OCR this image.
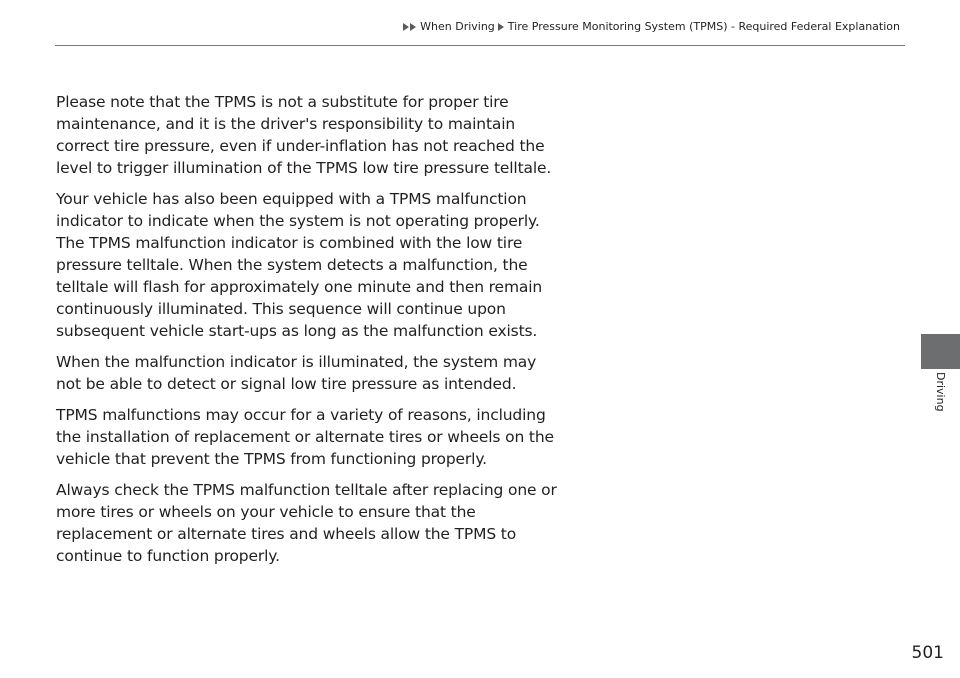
When Driving Tire Pressure Monitoring System (TPMS) - Required Federal Explanation

Please note that the TPMS is not a substitute for proper tire
maintenance, and it is the driver's responsibility to maintain
correct tire pressure, even if under-inflation has not reached the
level to trigger illumination of the TPMS low tire pressure telltale.

Your vehicle has also been equipped with a TPMS malfunction
indicator to indicate when the system is not operating properly.
The TPMS malfunction indicator is combined with the low tire
pressure telltale. When the system detects a malfunction, the
telltale will flash for approximately one minute and then remain
continuously illuminated. This sequence will continue upon
subsequent vehicle start-ups as long as the malfunction exists.

When the malfunction indicator is illuminated, the system may
not be able to detect or signal low tire pressure as intended.

TPMS malfunctions may occur for a variety of reasons, including
the installation of replacement or alternate tires or wheels on the
vehicle that prevent the TPMS from functioning properly.

Always check the TPMS malfunction telltale after replacing one or
more tires or wheels on your vehicle to ensure that the
replacement or alternate tires and wheels allow the TPMS to
continue to function properly.

Driving
501
